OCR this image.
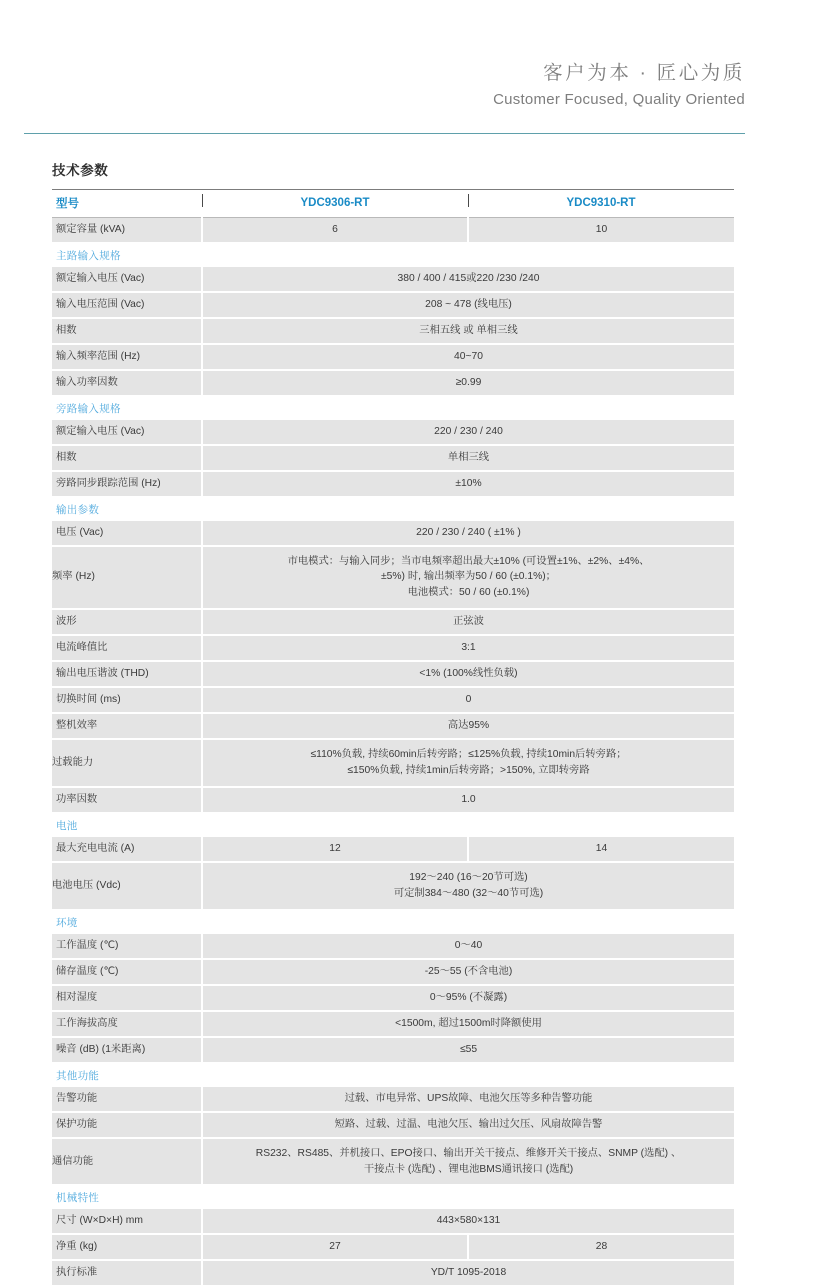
客户为本 · 匠心为质
Customer Focused, Quality Oriented
技术参数

型号	YDC9306-RT	YDC9310-RT

额定容量 (kVA)	6	10
主路输入规格		
额定输入电压 (Vac)	380 / 400 / 415或220 /230 /240	
输入电压范围 (Vac)	208 ~ 478 (线电压)	
相数	三相五线 或 单相三线	
输入频率范围 (Hz)	40~70	
输入功率因数	≥0.99	
旁路输入规格		
额定输入电压 (Vac)	220 / 230 / 240	
相数	单相三线	
旁路同步跟踪范围 (Hz)	±10%	
输出参数		
电压 (Vac)	220 / 230 / 240 ( ±1% )	
频率 (Hz)	市电模式：与输入同步；当市电频率超出最大±10% (可设置±1%、±2%、±4%、
±5%) 时, 输出频率为50 / 60 (±0.1%)；
电池模式：50 / 60 (±0.1%)	

波形	正弦波	
电流峰值比	3:1	
输出电压谐波 (THD)	<1% (100%线性负载)	
切换时间 (ms)	0	
整机效率	高达95%	
过载能力	≤110%负载, 持续60min后转旁路；≤125%负载, 持续10min后转旁路；
≤150%负载, 持续1min后转旁路；>150%, 立即转旁路	

功率因数	1.0	
电池		
最大充电电流 (A)	12	14
电池电压 (Vdc)	192～240 (16～20节可选)
可定制384～480 (32～40节可选)	

环境		
工作温度 (℃)	0～40	
储存温度 (℃)	-25～55 (不含电池)	
相对湿度	0～95% (不凝露)	
工作海拔高度	<1500m, 超过1500m时降额使用	
噪音 (dB) (1米距离)	≤55	
其他功能		
告警功能	过载、市电异常、UPS故障、电池欠压等多种告警功能	
保护功能	短路、过载、过温、电池欠压、输出过欠压、风扇故障告警	
通信功能	RS232、RS485、并机接口、EPO接口、输出开关干接点、维修开关干接点、SNMP (选配) 、
干接点卡 (选配) 、锂电池BMS通讯接口 (选配)	

机械特性		
尺寸 (W×D×H) mm	443×580×131	
净重 (kg)	27	28
执行标准	YD/T 1095-2018	
